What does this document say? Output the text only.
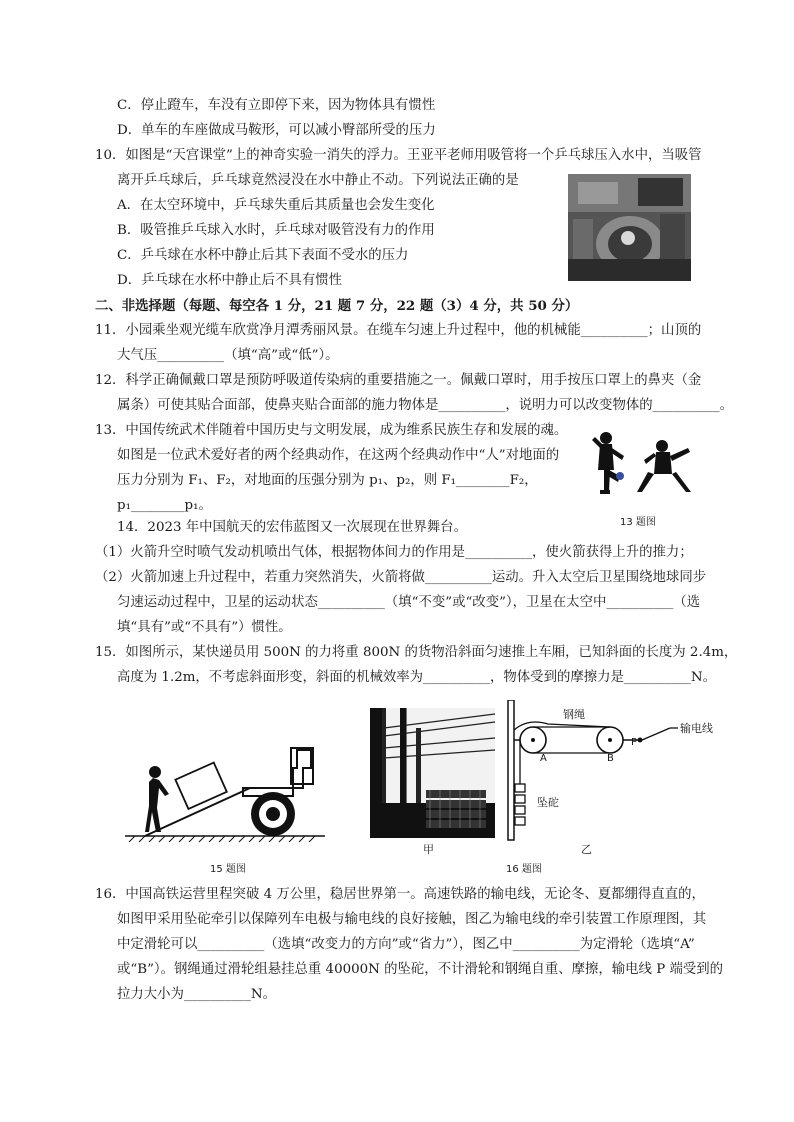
C．停止蹬车，车没有立即停下来，因为物体具有惯性
D．单车的车座做成马鞍形，可以减小臀部所受的压力
10．如图是“天宫课堂”上的神奇实验一消失的浮力。王亚平老师用吸管将一个乒乓球压入水中，当吸管
离开乒乓球后，乒乓球竟然浸没在水中静止不动。下列说法正确的是
A．在太空环境中，乒乓球失重后其质量也会发生变化
B．吸管推乒乓球入水时，乒乓球对吸管没有力的作用
C．乒乓球在水杯中静止后其下表面不受水的压力
D．乒乓球在水杯中静止后不具有惯性
二、非选择题（每题、每空各 1 分，21 题 7 分，22 题（3）4 分，共 50 分）
11．小园乘坐观光缆车欣赏净月潭秀丽风景。在缆车匀速上升过程中，他的机械能__________；山顶的
大气压__________（填“高”或“低”）。
12．科学正确佩戴口罩是预防呼吸道传染病的重要措施之一。佩戴口罩时，用手按压口罩上的鼻夹（金
属条）可使其贴合面部，使鼻夹贴合面部的施力物体是__________，说明力可以改变物体的__________。
13．中国传统武术伴随着中国历史与文明发展，成为维系民族生存和发展的魂。
如图是一位武术爱好者的两个经典动作，在这两个经典动作中“人”对地面的
压力分别为 F₁、F₂，对地面的压强分别为 p₁、p₂，则 F₁________F₂，
p₁________p₁。
13 题图
14．2023 年中国航天的宏伟蓝图又一次展现在世界舞台。
（1）火箭升空时喷气发动机喷出气体，根据物体间力的作用是__________，使火箭获得上升的推力；
（2）火箭加速上升过程中，若重力突然消失，火箭将做__________运动。升入太空后卫星围绕地球同步
匀速运动过程中，卫星的运动状态__________（填“不变”或“改变”），卫星在太空中__________（选
填“具有”或“不具有”）惯性。
15．如图所示，某快递员用 500N 的力将重 800N 的货物沿斜面匀速推上车厢，已知斜面的长度为 2.4m，
高度为 1.2m，不考虑斜面形变，斜面的机械效率为__________，物体受到的摩擦力是__________N。
15 题图
甲
钢绳
输电线
坠砣
A	B
P
乙
16 题图
16．中国高铁运营里程突破 4 万公里，稳居世界第一。高速铁路的输电线，无论冬、夏都绷得直直的，
如图甲采用坠砣牵引以保障列车电极与输电线的良好接触，图乙为输电线的牵引装置工作原理图，其
中定滑轮可以__________（选填“改变力的方向”或“省力”），图乙中__________为定滑轮（选填“A”
或“B”）。钢绳通过滑轮组悬挂总重 40000N 的坠砣，不计滑轮和钢绳自重、摩擦，输电线 P 端受到的
拉力大小为__________N。
